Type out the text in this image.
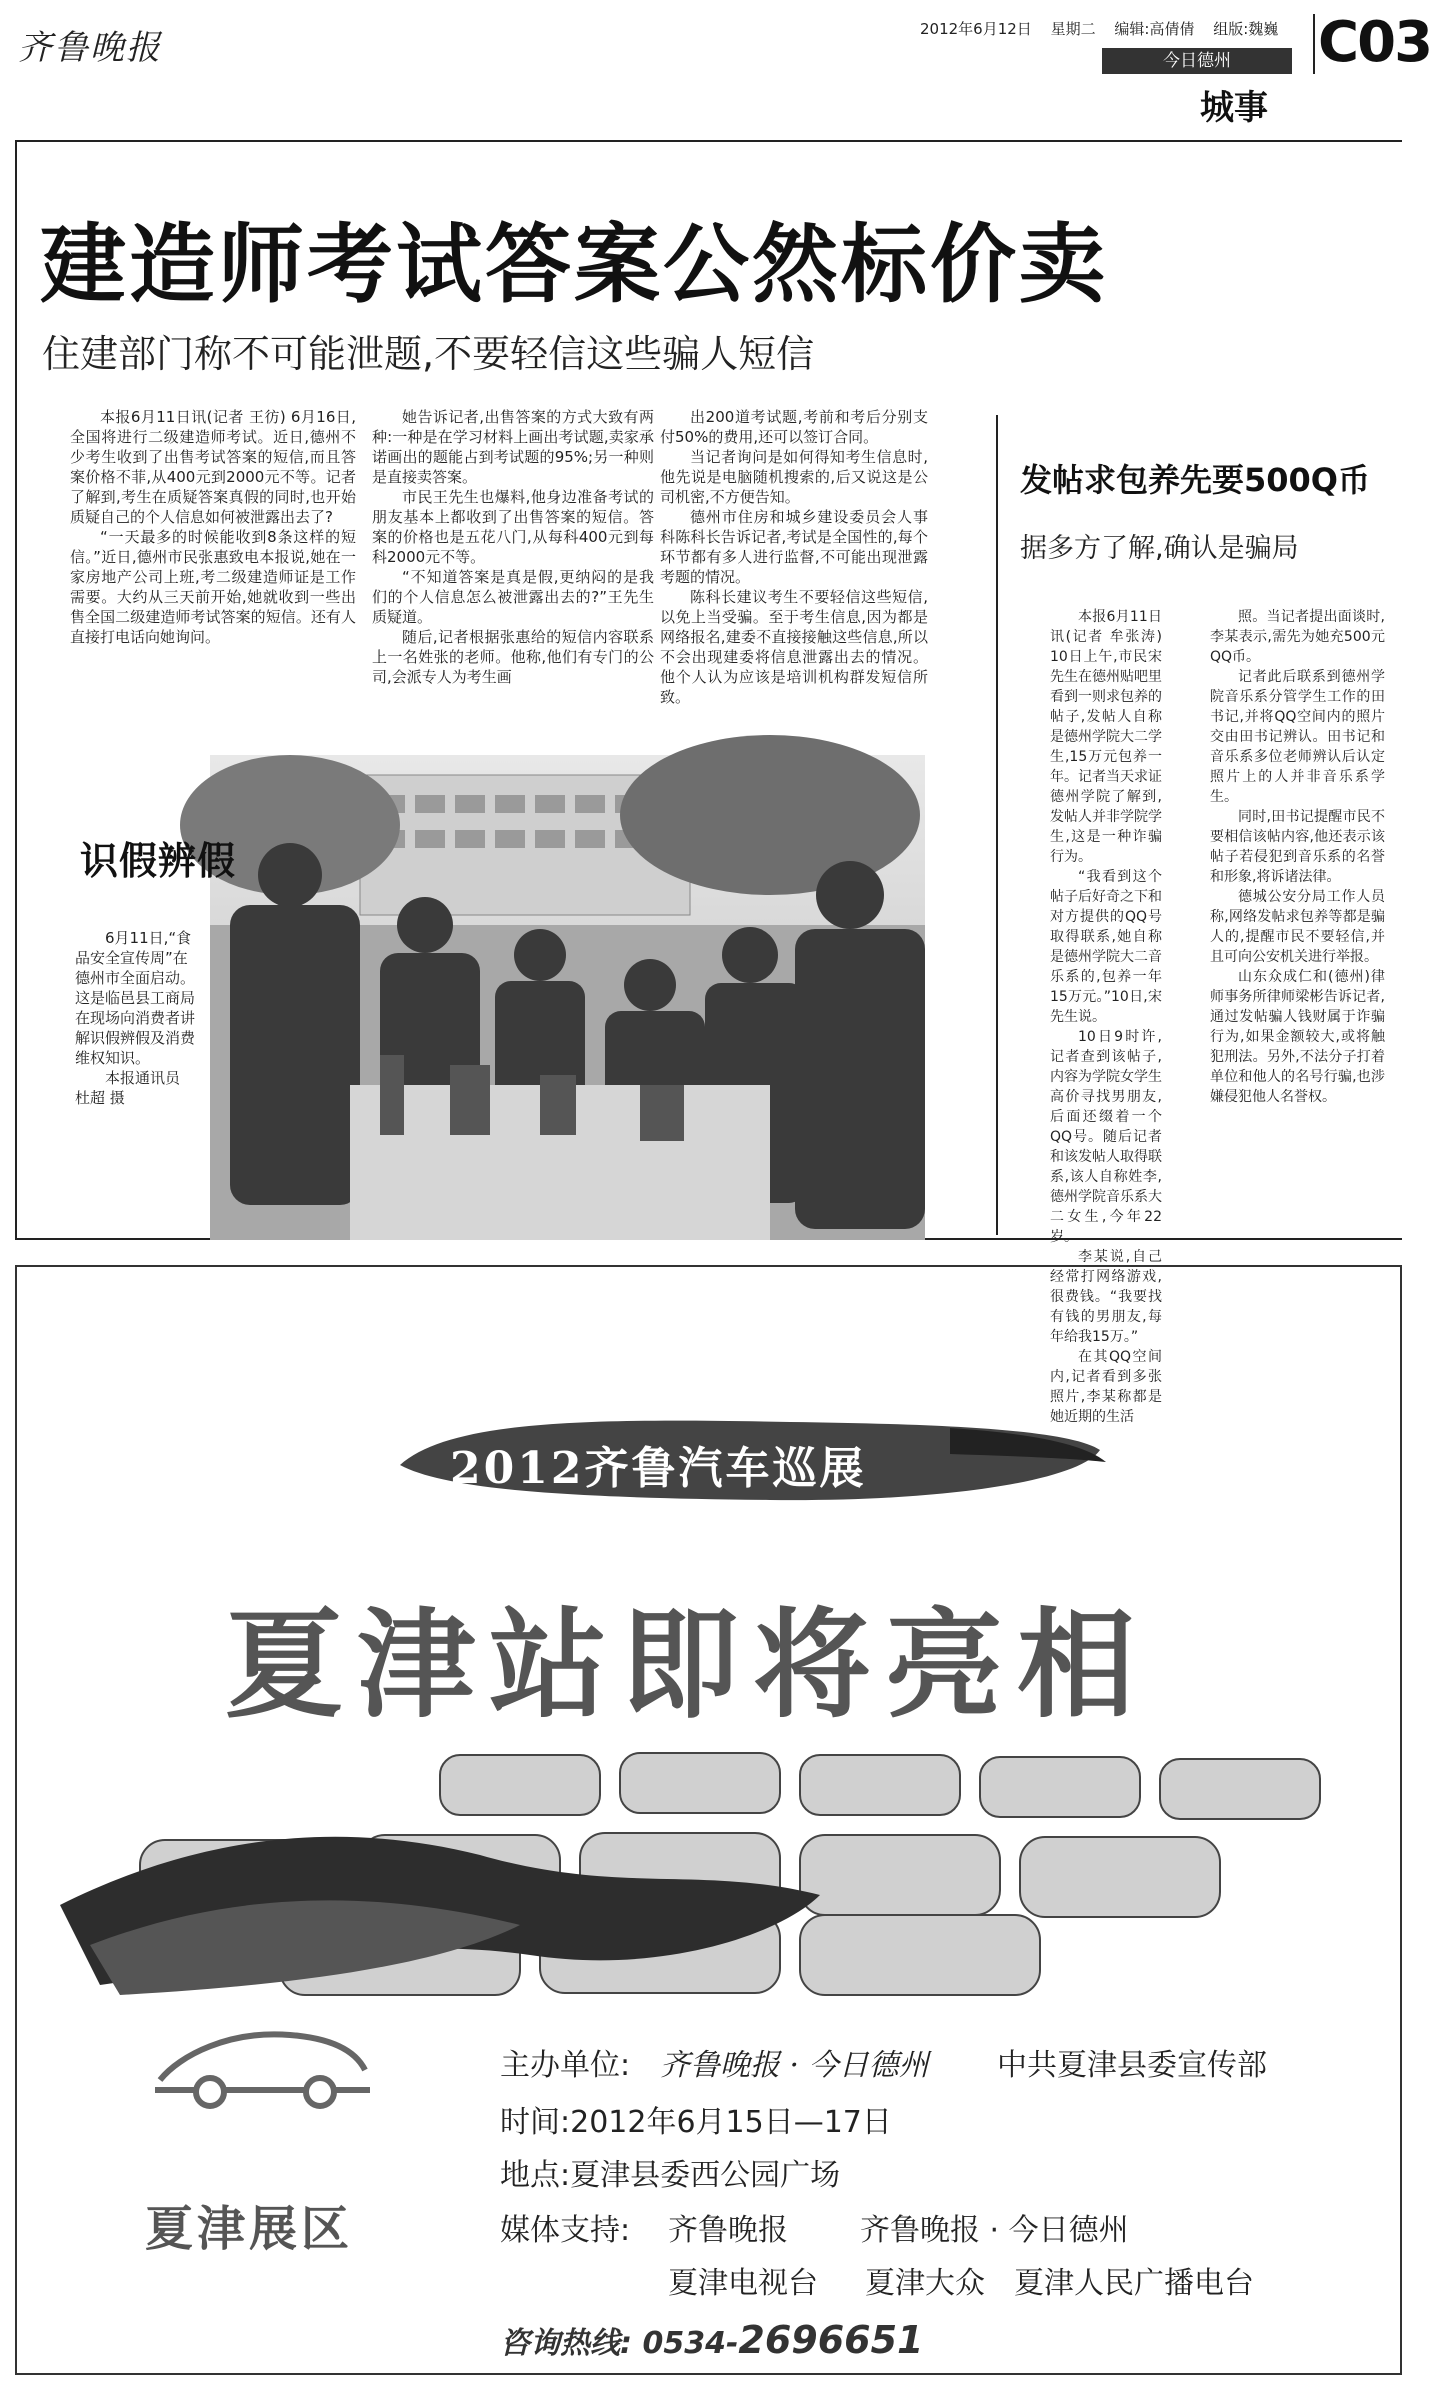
齐鲁晚报	2012年6月12日 星期二 编辑:高倩倩 组版:魏巍
今日德州
城事
C03
建造师考试答案公然标价卖
住建部门称不可能泄题,不要轻信这些骗人短信

本报6月11日讯(记者 王彷) 6月16日,全国将进行二级建造师考试。近日,德州不少考生收到了出售考试答案的短信,而且答案价格不菲,从400元到2000元不等。记者了解到,考生在质疑答案真假的同时,也开始质疑自己的个人信息如何被泄露出去了?

“一天最多的时候能收到8条这样的短信。”近日,德州市民张惠致电本报说,她在一家房地产公司上班,考二级建造师证是工作需要。大约从三天前开始,她就收到一些出售全国二级建造师考试答案的短信。还有人直接打电话向她询问。

她告诉记者,出售答案的方式大致有两种:一种是在学习材料上画出考试题,卖家承诺画出的题能占到考试题的95%;另一种则是直接卖答案。

市民王先生也爆料,他身边准备考试的朋友基本上都收到了出售答案的短信。答案的价格也是五花八门,从每科400元到每科2000元不等。

“不知道答案是真是假,更纳闷的是我们的个人信息怎么被泄露出去的?”王先生质疑道。

随后,记者根据张惠给的短信内容联系上一名姓张的老师。他称,他们有专门的公司,会派专人为考生画

出200道考试题,考前和考后分别支付50%的费用,还可以签订合同。

当记者询问是如何得知考生信息时,他先说是电脑随机搜索的,后又说这是公司机密,不方便告知。

德州市住房和城乡建设委员会人事科陈科长告诉记者,考试是全国性的,每个环节都有多人进行监督,不可能出现泄露考题的情况。

陈科长建议考生不要轻信这些短信,以免上当受骗。至于考生信息,因为都是网络报名,建委不直接接触这些信息,所以不会出现建委将信息泄露出去的情况。他个人认为应该是培训机构群发短信所致。

发帖求包养先要500Q币
据多方了解,确认是骗局

本报6月11日讯(记者 牟张涛) 10日上午,市民宋先生在德州贴吧里看到一则求包养的帖子,发帖人自称是德州学院大二学生,15万元包养一年。记者当天求证德州学院了解到,发帖人并非学院学生,这是一种诈骗行为。

“我看到这个帖子后好奇之下和对方提供的QQ号取得联系,她自称是德州学院大二音乐系的,包养一年15万元。”10日,宋先生说。

10日9时许,记者查到该帖子,内容为学院女学生高价寻找男朋友,后面还缀着一个QQ号。随后记者和该发帖人取得联系,该人自称姓李,德州学院音乐系大二女生,今年22岁。

李某说,自己经常打网络游戏,很费钱。“我要找有钱的男朋友,每年给我15万。”

在其QQ空间内,记者看到多张照片,李某称都是她近期的生活

照。当记者提出面谈时,李某表示,需先为她充500元QQ币。

记者此后联系到德州学院音乐系分管学生工作的田书记,并将QQ空间内的照片交由田书记辨认。田书记和音乐系多位老师辨认后认定照片上的人并非音乐系学生。

同时,田书记提醒市民不要相信该帖内容,他还表示该帖子若侵犯到音乐系的名誉和形象,将诉诸法律。

德城公安分局工作人员称,网络发帖求包养等都是骗人的,提醒市民不要轻信,并且可向公安机关进行举报。

山东众成仁和(德州)律师事务所律师梁彬告诉记者,通过发帖骗人钱财属于诈骗行为,如果金额较大,或将触犯刑法。另外,不法分子打着单位和他人的名号行骗,也涉嫌侵犯他人名誉权。

识假辨假

6月11日,“食品安全宣传周”在德州市全面启动。这是临邑县工商局在现场向消费者讲解识假辨假及消费维权知识。

本报通讯员 杜超 摄

2012齐鲁汽车巡展
夏津站即将亮相
夏津展区
主办单位: 齐鲁晚报 · 今日德州 中共夏津县委宣传部
时间:2012年6月15日—17日
地点:夏津县委西公园广场
媒体支持: 齐鲁晚报 齐鲁晚报 · 今日德州
夏津电视台 夏津大众 夏津人民广播电台
咨询热线: 0534-2696651
